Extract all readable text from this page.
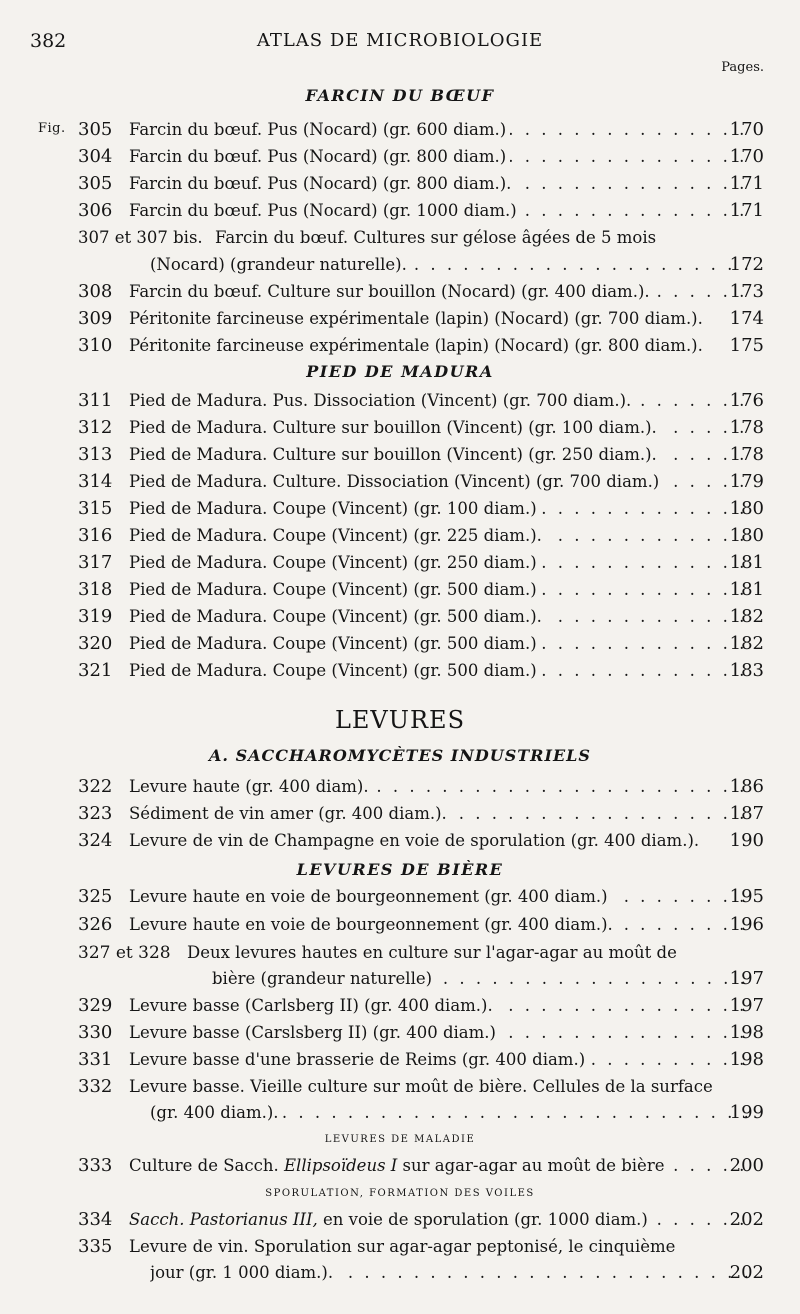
382	ATLAS DE MICROBIOLOGIE
Pages.
FARCIN DU BŒUF
Fig. 305 Farcin du bœuf. Pus (Nocard) (gr. 600 diam.) . . .	170
304 Farcin du bœuf. Pus (Nocard) (gr. 800 diam.) . . .	170
305 Farcin du bœuf. Pus (Nocard) (gr. 800 diam.). . . .	171
306 Farcin du bœuf. Pus (Nocard) (gr. 1000 diam.) . . .	171
307 et 307 bis. Farcin du bœuf. Cultures sur gélose âgées de 5 mois
(Nocard) (grandeur naturelle). . . .	172
308 Farcin du bœuf. Culture sur bouillon (Nocard) (gr. 400 diam.). . . .	173
309 Péritonite farcineuse expérimentale (lapin) (Nocard) (gr. 700 diam.).	174
310 Péritonite farcineuse expérimentale (lapin) (Nocard) (gr. 800 diam.).	175
PIED DE MADURA
311 Pied de Madura. Pus. Dissociation (Vincent) (gr. 700 diam.). . . .	176
312 Pied de Madura. Culture sur bouillon (Vincent) (gr. 100 diam.). . . .	178
313 Pied de Madura. Culture sur bouillon (Vincent) (gr. 250 diam.). . . .	178
314 Pied de Madura. Culture. Dissociation (Vincent) (gr. 700 diam.) . . .	179
315 Pied de Madura. Coupe (Vincent) (gr. 100 diam.) . . .	180
316 Pied de Madura. Coupe (Vincent) (gr. 225 diam.). . . .	180
317 Pied de Madura. Coupe (Vincent) (gr. 250 diam.) . . .	181
318 Pied de Madura. Coupe (Vincent) (gr. 500 diam.) . . .	181
319 Pied de Madura. Coupe (Vincent) (gr. 500 diam.). . . .	182
320 Pied de Madura. Coupe (Vincent) (gr. 500 diam.) . . .	182
321 Pied de Madura. Coupe (Vincent) (gr. 500 diam.) . . .	183
LEVURES
A. SACCHAROMYCÈTES INDUSTRIELS
322 Levure haute (gr. 400 diam). . . .	186
323 Sédiment de vin amer (gr. 400 diam.). . . .	187
324 Levure de vin de Champagne en voie de sporulation (gr. 400 diam.).	190
LEVURES DE BIÈRE
325 Levure haute en voie de bourgeonnement (gr. 400 diam.) . . .	195
326 Levure haute en voie de bourgeonnement (gr. 400 diam.). . . .	196
327 et 328 Deux levures hautes en culture sur l'agar-agar au moût de
bière (grandeur naturelle) . . .	197
329 Levure basse (Carlsberg II) (gr. 400 diam.). . . .	197
330 Levure basse (Carslsberg II) (gr. 400 diam.) . . .	198
331 Levure basse d'une brasserie de Reims (gr. 400 diam.) . . .	198
332 Levure basse. Vieille culture sur moût de bière. Cellules de la surface
(gr. 400 diam.). . . .	199
LEVURES DE MALADIE
333 Culture de Sacch. Ellipsoïdeus I sur agar-agar au moût de bière . . .	200
SPORULATION, FORMATION DES VOILES
334 Sacch. Pastorianus III, en voie de sporulation (gr. 1000 diam.) . . .	202
335 Levure de vin. Sporulation sur agar-agar peptonisé, le cinquième
jour (gr. 1 000 diam.). . . .	202
